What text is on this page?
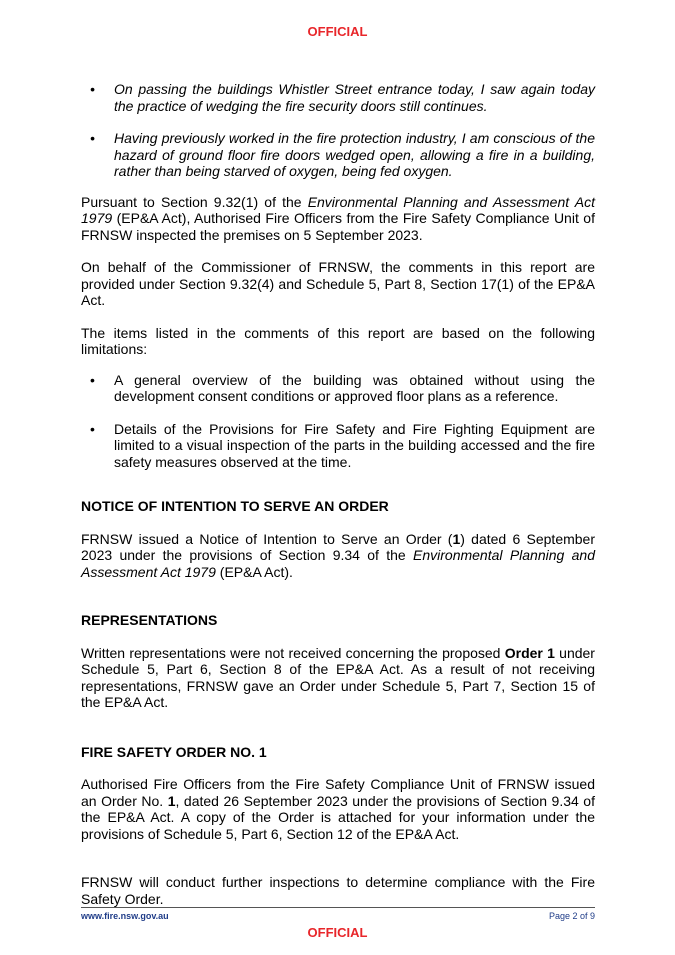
OFFICIAL
• On passing the buildings Whistler Street entrance today, I saw again today the practice of wedging the fire security doors still continues.
• Having previously worked in the fire protection industry, I am conscious of the hazard of ground floor fire doors wedged open, allowing a fire in a building, rather than being starved of oxygen, being fed oxygen.

Pursuant to Section 9.32(1) of the Environmental Planning and Assessment Act 1979 (EP&A Act), Authorised Fire Officers from the Fire Safety Compliance Unit of FRNSW inspected the premises on 5 September 2023.

On behalf of the Commissioner of FRNSW, the comments in this report are provided under Section 9.32(4) and Schedule 5, Part 8, Section 17(1) of the EP&A Act.

The items listed in the comments of this report are based on the following limitations:

• A general overview of the building was obtained without using the development consent conditions or approved floor plans as a reference.
• Details of the Provisions for Fire Safety and Fire Fighting Equipment are limited to a visual inspection of the parts in the building accessed and the fire safety measures observed at the time.
NOTICE OF INTENTION TO SERVE AN ORDER

FRNSW issued a Notice of Intention to Serve an Order (1) dated 6 September 2023 under the provisions of Section 9.34 of the Environmental Planning and Assessment Act 1979 (EP&A Act).

REPRESENTATIONS

Written representations were not received concerning the proposed Order 1 under Schedule 5, Part 6, Section 8 of the EP&A Act. As a result of not receiving representations, FRNSW gave an Order under Schedule 5, Part 7, Section 15 of the EP&A Act.

FIRE SAFETY ORDER NO. 1

Authorised Fire Officers from the Fire Safety Compliance Unit of FRNSW issued an Order No. 1, dated 26 September 2023 under the provisions of Section 9.34 of the EP&A Act. A copy of the Order is attached for your information under the provisions of Schedule 5, Part 6, Section 12 of the EP&A Act.

FRNSW will conduct further inspections to determine compliance with the Fire Safety Order.

www.fire.nsw.gov.au	Page 2 of 9
OFFICIAL
